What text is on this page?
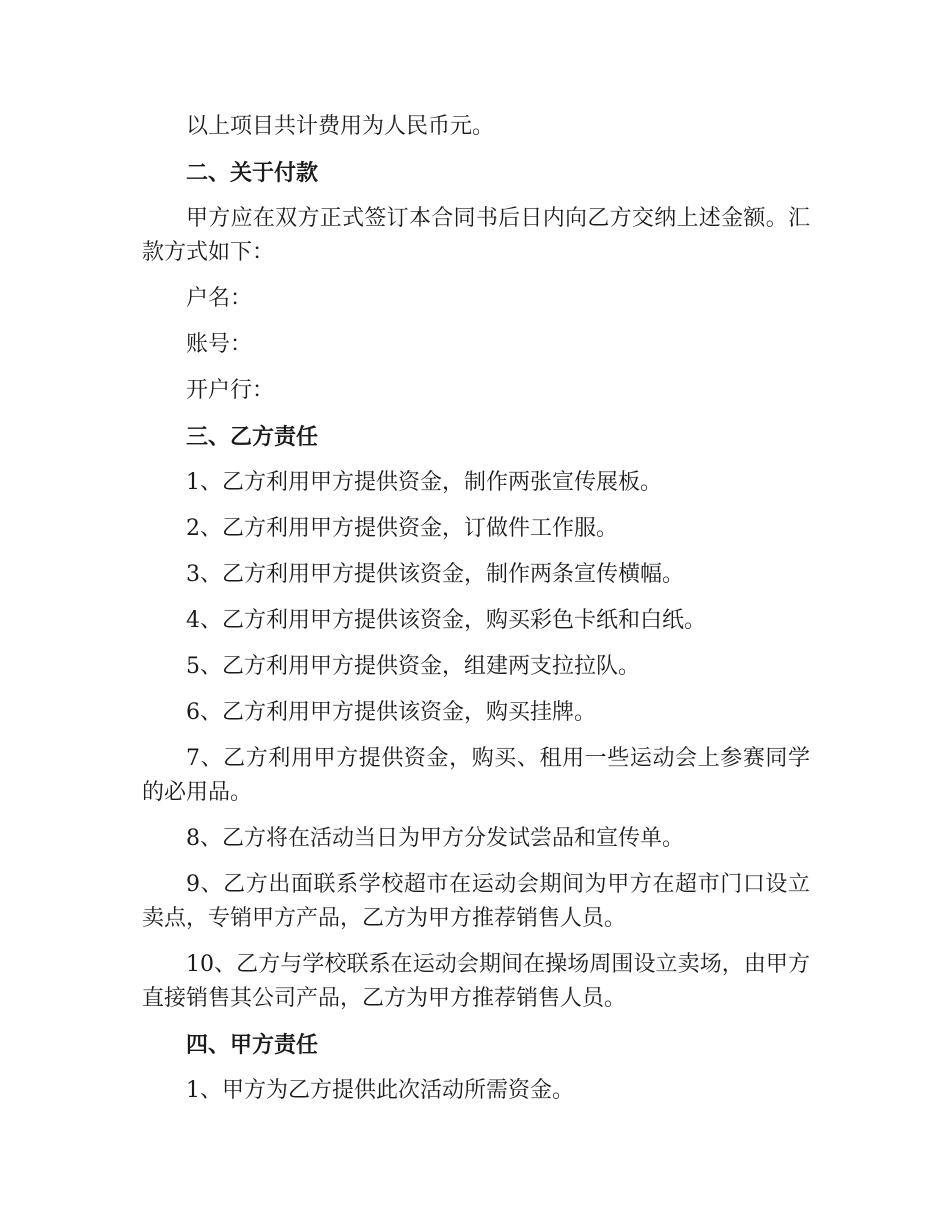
以上项目共计费用为人民币元。

二、关于付款

甲方应在双方正式签订本合同书后日内向乙方交纳上述金额。汇款方式如下：

户名：

账号：

开户行：

三、乙方责任

1、乙方利用甲方提供资金，制作两张宣传展板。

2、乙方利用甲方提供资金，订做件工作服。

3、乙方利用甲方提供该资金，制作两条宣传横幅。

4、乙方利用甲方提供该资金，购买彩色卡纸和白纸。

5、乙方利用甲方提供资金，组建两支拉拉队。

6、乙方利用甲方提供该资金，购买挂牌。

7、乙方利用甲方提供资金，购买、租用一些运动会上参赛同学的必用品。

8、乙方将在活动当日为甲方分发试尝品和宣传单。

9、乙方出面联系学校超市在运动会期间为甲方在超市门口设立卖点，专销甲方产品，乙方为甲方推荐销售人员。

10、乙方与学校联系在运动会期间在操场周围设立卖场，由甲方直接销售其公司产品，乙方为甲方推荐销售人员。

四、甲方责任

1、甲方为乙方提供此次活动所需资金。
